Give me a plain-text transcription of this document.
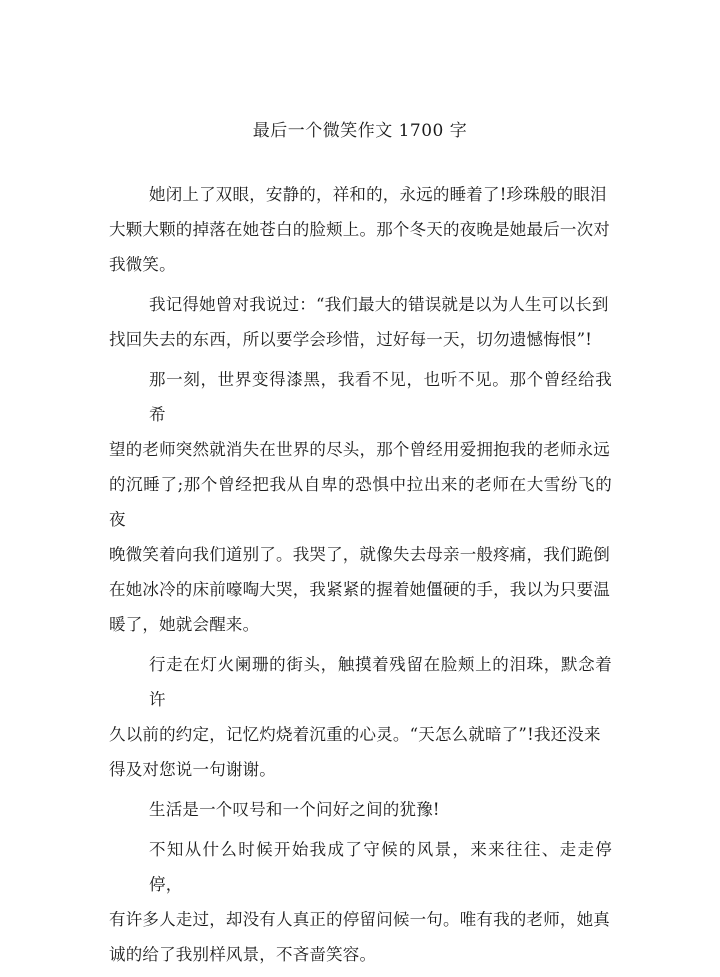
最后一个微笑作文 1700 字
她闭上了双眼，安静的，祥和的，永远的睡着了!珍珠般的眼泪
大颗大颗的掉落在她苍白的脸颊上。那个冬天的夜晚是她最后一次对
我微笑。
我记得她曾对我说过：“我们最大的错误就是以为人生可以长到
找回失去的东西，所以要学会珍惜，过好每一天，切勿遗憾悔恨”!
那一刻，世界变得漆黑，我看不见，也听不见。那个曾经给我希
望的老师突然就消失在世界的尽头，那个曾经用爱拥抱我的老师永远
的沉睡了;那个曾经把我从自卑的恐惧中拉出来的老师在大雪纷飞的夜
晚微笑着向我们道别了。我哭了，就像失去母亲一般疼痛，我们跪倒
在她冰冷的床前嚎啕大哭，我紧紧的握着她僵硬的手，我以为只要温
暖了，她就会醒来。
行走在灯火阑珊的街头，触摸着残留在脸颊上的泪珠，默念着许
久以前的约定，记忆灼烧着沉重的心灵。“天怎么就暗了”!我还没来
得及对您说一句谢谢。
生活是一个叹号和一个问好之间的犹豫!
不知从什么时候开始我成了守候的风景，来来往往、走走停停，
有许多人走过，却没有人真正的停留问候一句。唯有我的老师，她真
诚的给了我别样风景，不吝啬笑容。
